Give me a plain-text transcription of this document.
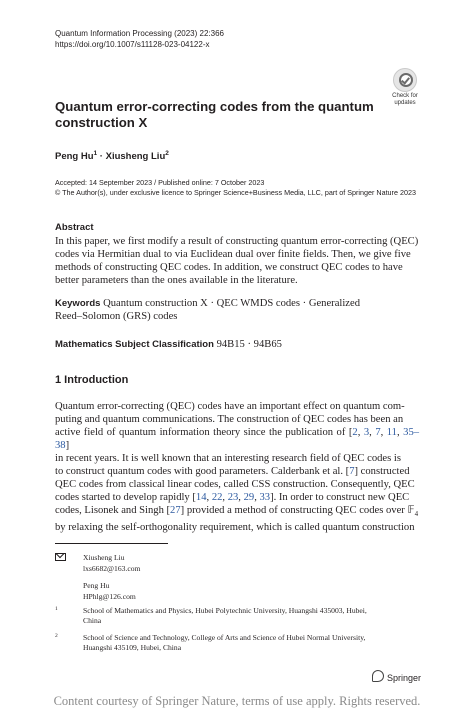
Quantum Information Processing (2023) 22:366
https://doi.org/10.1007/s11128-023-04122-x
Check for
updates
Quantum error-correcting codes from the quantum
construction X
Peng $Hu^1$ · Xiusheng Liu$^2$
Accepted: 14 September 2023 / Published online: 7 October 2023
© The Author(s), under exclusive licence to Springer Science+Business Media, LLC, part of Springer Nature 2023
Abstract
In this paper, we first modify a result of constructing quantum error-correcting (QEC)
codes via Hermitian dual to via Euclidean dual over finite fields. Then, we give five
methods of constructing QEC codes. In addition, we construct QEC codes to have
better parameters than the ones available in the literature.
Keywords Quantum construction X · QEC WMDS codes · Generalized
Reed–Solomon (GRS) codes
Mathematics Subject Classification 94B15 · 94B65
1 Introduction
Quantum error-correcting (QEC) codes have an important effect on quantum com-
puting and quantum communications. The construction of QEC codes has been an
active field of quantum information theory since the publication of [2, 3, 7, 11, 35–38]
in recent years. It is well known that an interesting research field of QEC codes is
to construct quantum codes with good parameters. Calderbank et al. [7] constructed
QEC codes from classical linear codes, called CSS construction. Consequently, QEC
codes started to develop rapidly [14, 22, 23, 29, 33]. In order to construct new QEC
codes, Lisonek and Singh [27] provided a method of constructing QEC codes over 𝔽$_4$
by relaxing the self-orthogonality requirement, which is called quantum construction
Xiusheng Liu
lxs6682@163.com
Peng Hu
HPhlg@126.com
1	School of Mathematics and Physics, Hubei Polytechnic University, Huangshi 435003, Hubei,
China
2	School of Science and Technology, College of Arts and Science of Hubei Normal University,
Huangshi 435109, Hubei, China
Springer
Content courtesy of Springer Nature, terms of use apply. Rights reserved.
